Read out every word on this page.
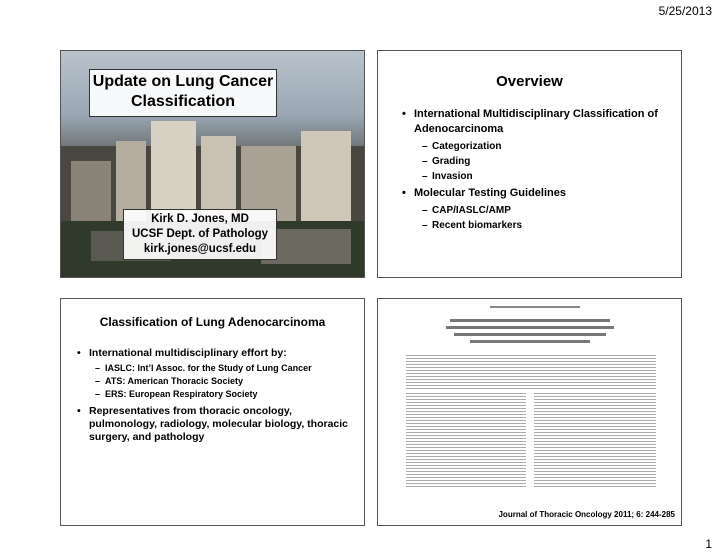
5/25/2013
Update on Lung Cancer Classification
Kirk D. Jones, MD
UCSF Dept. of Pathology
kirk.jones@ucsf.edu
Overview
• International Multidisciplinary Classification of Adenocarcinoma
– Categorization
– Grading
– Invasion
• Molecular Testing Guidelines
– CAP/IASLC/AMP
– Recent biomarkers
Classification of Lung Adenocarcinoma
• International multidisciplinary effort by:
– IASLC: Int’l Assoc. for the Study of Lung Cancer
– ATS: American Thoracic Society
– ERS: European Respiratory Society
• Representatives from thoracic oncology, pulmonology, radiology, molecular biology, thoracic surgery, and pathology
Journal of Thoracic Oncology 2011; 6: 244-285
1
